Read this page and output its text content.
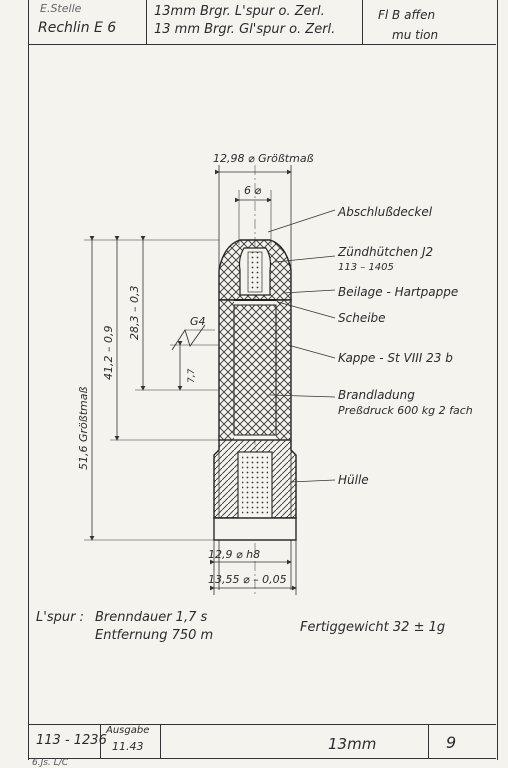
E.Stelle
Rechlin E 6
13mm Brgr. L'spur o. Zerl.
13 mm Brgr. Gl'spur o. Zerl.
Fl B affen
mu tion
12,98 ⌀ Größtmaß
6 ⌀
12,9 ⌀ h8
13,55 ⌀ – 0,05
G4
51,6 Größtmaß
41,2 – 0,9
28,3 – 0,3
7,7
Abschlußdeckel
Zündhütchen J2
113 – 1405
Beilage - Hartpappe
Scheibe
Kappe - St VIII 23 b
Brandladung
Preßdruck 600 kg 2 fach
Hülle
L'spur : Brenndauer 1,7 s
Entfernung 750 m
Fertiggewicht 32 ± 1g
113 - 1236
Ausgabe
11.43	13mm	9
6.Js. L/C
